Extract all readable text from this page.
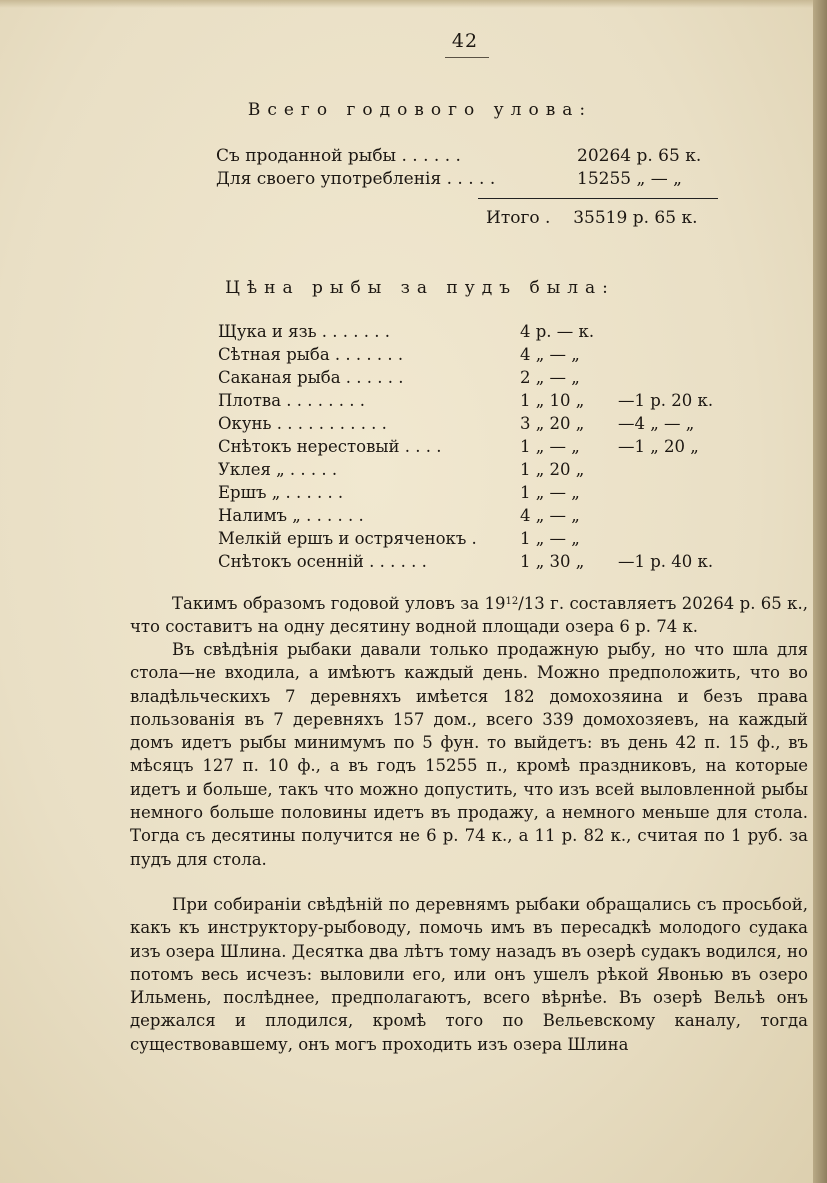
42
Всего годового улова:
Съ проданной рыбы . . . . . .	20264 р. 65 к.
Для своего употребленія . . . . .	15255 „ — „
Итого . 35519 р. 65 к.
Цѣна рыбы за пудъ была:
Щука и язь . . . . . . .	4 р. — к.
Сѣтная рыба . . . . . . .	4 „ — „
Саканая рыба . . . . . .	2 „ — „
Плотва . . . . . . . .	1 „ 10 „ —1 р. 20 к.
Окунь . . . . . . . . . . .	3 „ 20 „ —4 „ — „
Снѣтокъ нерестовый . . . .	1 „ — „ —1 „ 20 „
Уклея „ . . . . .	1 „ 20 „
Ершъ „ . . . . . .	1 „ — „
Налимъ „ . . . . . .	4 „ — „
Мелкій ершъ и остряченокъ .	1 „ — „
Снѣтокъ осенній . . . . . .	1 „ 30 „ —1 р. 40 к.

Такимъ образомъ годовой уловъ за $19^{12}/13$ г. составляетъ 20264 р. 65 к., что составитъ на одну десятину водной площади озера 6 р. 74 к.

Въ свѣдѣнія рыбаки давали только продажную рыбу, но что шла для стола—не входила, а имѣютъ каждый день. Можно предположить, что во владѣльческихъ 7 деревняхъ имѣется 182 домохозяина и безъ права пользованія въ 7 деревняхъ 157 дом., всего 339 домохозяевъ, на каждый домъ идетъ рыбы минимумъ по 5 фун. то выйдетъ: въ день 42 п. 15 ф., въ мѣсяцъ 127 п. 10 ф., а въ годъ 15255 п., кромѣ праздниковъ, на которые идетъ и больше, такъ что можно допустить, что изъ всей выловленной рыбы немного больше половины идетъ въ продажу, а немного меньше для стола. Тогда съ десятины получится не 6 р. 74 к., а 11 р. 82 к., считая по 1 руб. за пудъ для стола.

При собираніи свѣдѣній по деревнямъ рыбаки обращались съ просьбой, какъ къ инструктору-рыбоводу, помочь имъ въ пересадкѣ молодого судака изъ озера Шлина. Десятка два лѣтъ тому назадъ въ озерѣ судакъ водился, но потомъ весь исчезъ: выловили его, или онъ ушелъ рѣкой Явонью въ озеро Ильмень, послѣднее, предполагаютъ, всего вѣрнѣе. Въ озерѣ Вельѣ онъ держался и плодился, кромѣ того по Вельевскому каналу, тогда существовавшему, онъ могъ проходить изъ озера Шлина
